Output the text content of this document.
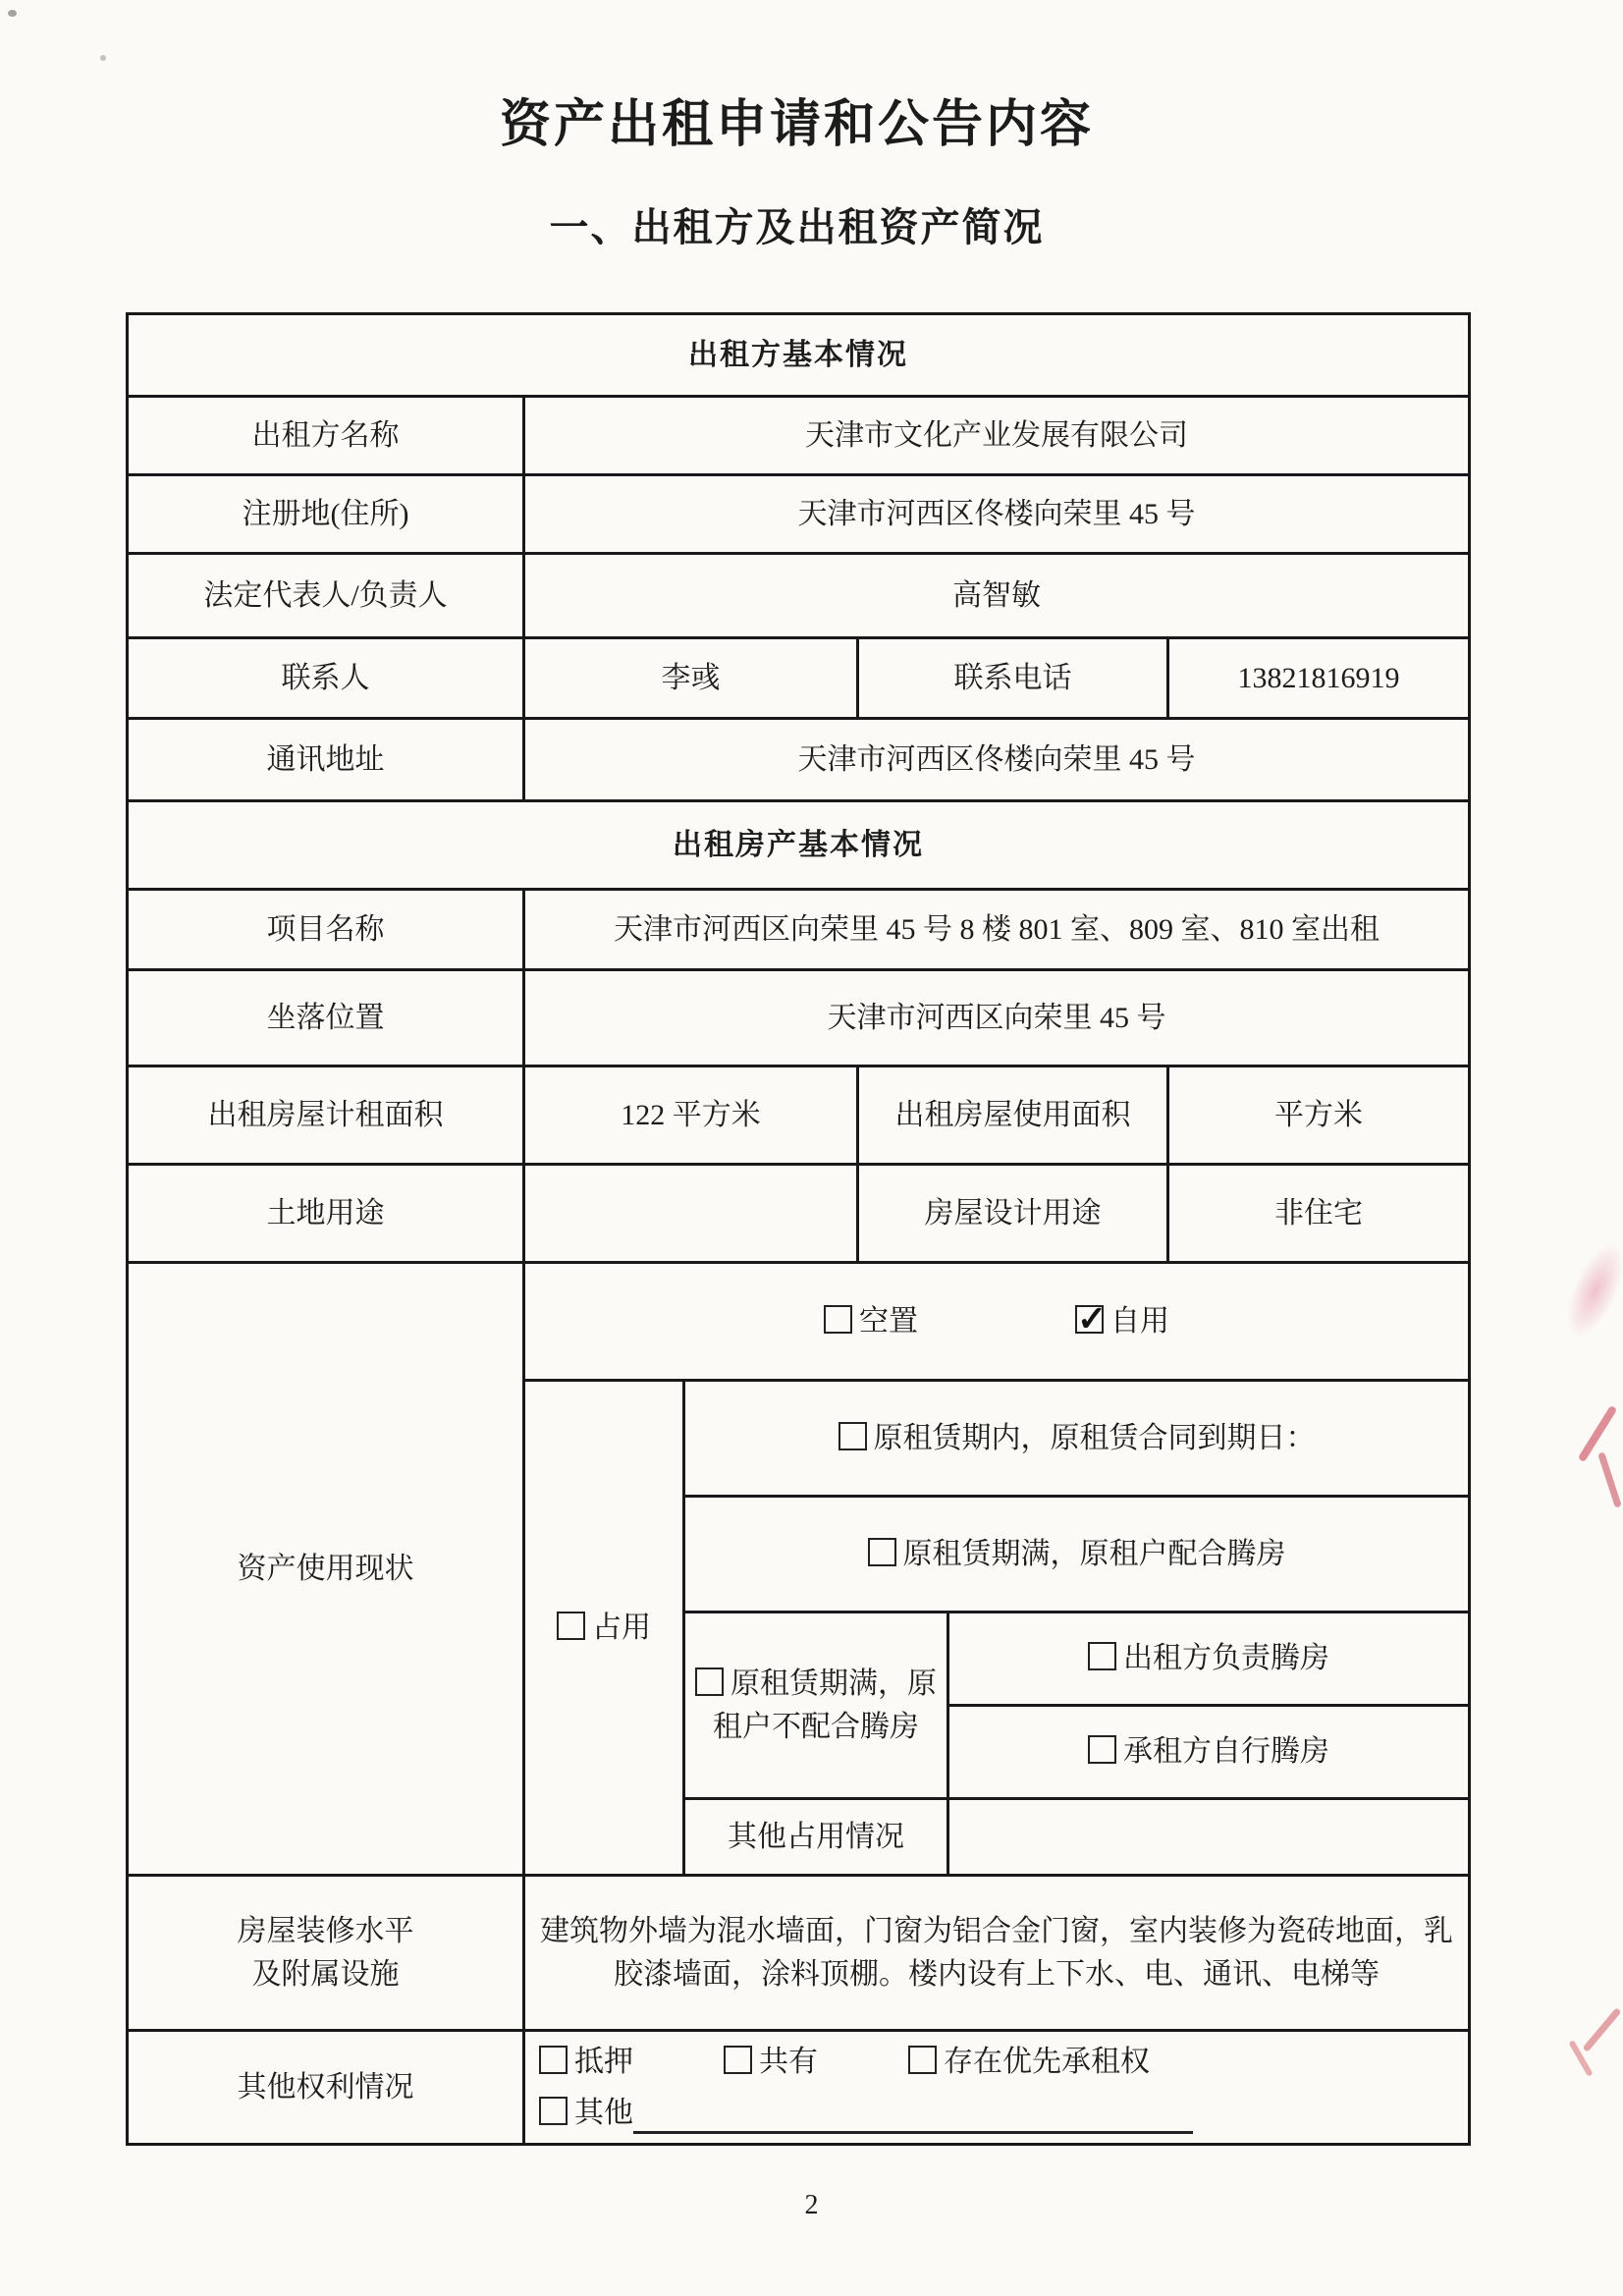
资产出租申请和公告内容
一、出租方及出租资产简况
出租方基本情况					
出租方名称	天津市文化产业发展有限公司				
注册地(住所)	天津市河西区佟楼向荣里 45 号				
法定代表人/负责人	高智敏				
联系人	李彧		联系电话		13821816919
通讯地址	天津市河西区佟楼向荣里 45 号				
出租房产基本情况					
项目名称	天津市河西区向荣里 45 号 8 楼 801 室、809 室、810 室出租				
坐落位置	天津市河西区向荣里 45 号				
出租房屋计租面积	122 平方米		出租房屋使用面积		平方米
土地用途			房屋设计用途		非住宅
资产使用现状	空置 ✓ 自用				

	占用	原租赁期内，原租赁合同到期日：			
		原租赁期满，原租户配合腾房			
		原租赁期满，原租户不配合腾房		出租方负责腾房	
				承租方自行腾房	
		其他占用情况			

房屋装修水平
及附属设施	建筑物外墙为混水墙面，门窗为铝合金门窗，室内装修为瓷砖地面，乳胶漆墙面，涂料顶棚。楼内设有上下水、电、通讯、电梯等				
其他权利情况	抵押 共有 存在优先承租权
其他				
2
